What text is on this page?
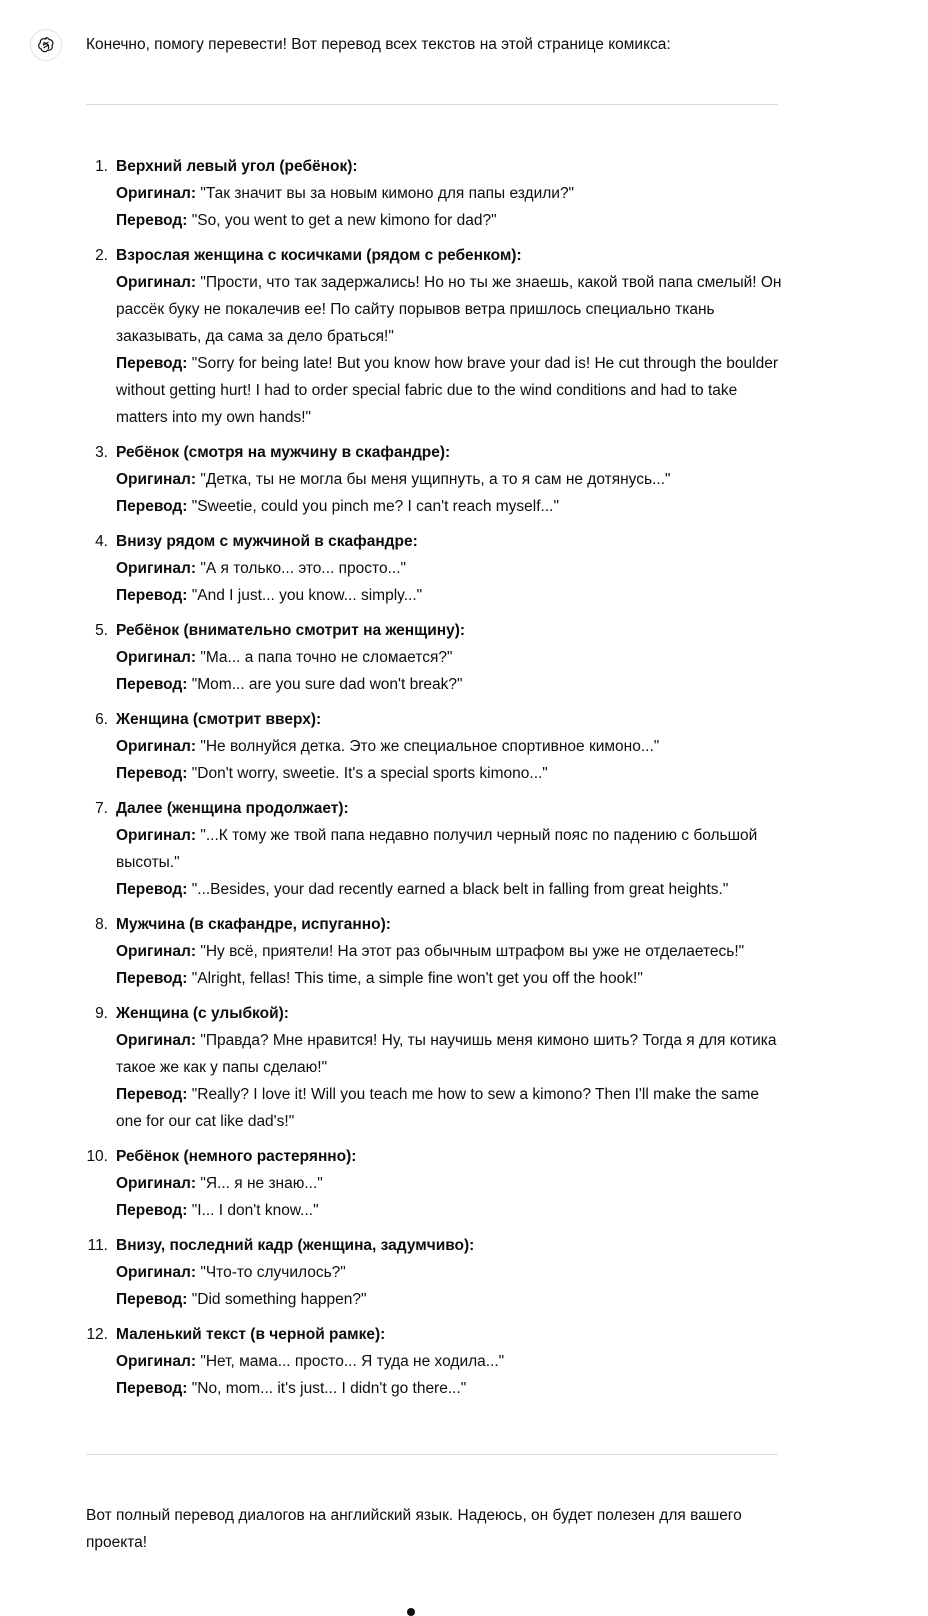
Конечно, помогу перевести! Вот перевод всех текстов на этой странице комикса:
1. Верхний левый угол (ребёнок):
Оригинал: "Так значит вы за новым кимоно для папы ездили?"
Перевод: "So, you went to get a new kimono for dad?"
2. Взрослая женщина с косичками (рядом с ребенком):
Оригинал: "Прости, что так задержались! Но но ты же знаешь, какой твой папа смелый! Он рассёк буку не покалечив ее! По сайту порывов ветра пришлось специально ткань заказывать, да сама за дело браться!"
Перевод: "Sorry for being late! But you know how brave your dad is! He cut through the boulder without getting hurt! I had to order special fabric due to the wind conditions and had to take matters into my own hands!"
3. Ребёнок (смотря на мужчину в скафандре):
Оригинал: "Детка, ты не могла бы меня ущипнуть, а то я сам не дотянусь..."
Перевод: "Sweetie, could you pinch me? I can't reach myself..."
4. Внизу рядом с мужчиной в скафандре:
Оригинал: "А я только... это... просто..."
Перевод: "And I just... you know... simply..."
5. Ребёнок (внимательно смотрит на женщину):
Оригинал: "Ма... а папа точно не сломается?"
Перевод: "Mom... are you sure dad won't break?"
6. Женщина (смотрит вверх):
Оригинал: "Не волнуйся детка. Это же специальное спортивное кимоно..."
Перевод: "Don't worry, sweetie. It's a special sports kimono..."
7. Далее (женщина продолжает):
Оригинал: "...К тому же твой папа недавно получил черный пояс по падению с большой высоты."
Перевод: "...Besides, your dad recently earned a black belt in falling from great heights."
8. Мужчина (в скафандре, испуганно):
Оригинал: "Ну всё, приятели! На этот раз обычным штрафом вы уже не отделаетесь!"
Перевод: "Alright, fellas! This time, a simple fine won't get you off the hook!"
9. Женщина (с улыбкой):
Оригинал: "Правда? Мне нравится! Ну, ты научишь меня кимоно шить? Тогда я для котика такое же как у папы сделаю!"
Перевод: "Really? I love it! Will you teach me how to sew a kimono? Then I'll make the same one for our cat like dad's!"
10. Ребёнок (немного растерянно):
Оригинал: "Я... я не знаю..."
Перевод: "I... I don't know..."
11. Внизу, последний кадр (женщина, задумчиво):
Оригинал: "Что-то случилось?"
Перевод: "Did something happen?"
12. Маленький текст (в черной рамке):
Оригинал: "Нет, мама... просто... Я туда не ходила..."
Перевод: "No, mom... it's just... I didn't go there..."
Вот полный перевод диалогов на английский язык. Надеюсь, он будет полезен для вашего проекта!
